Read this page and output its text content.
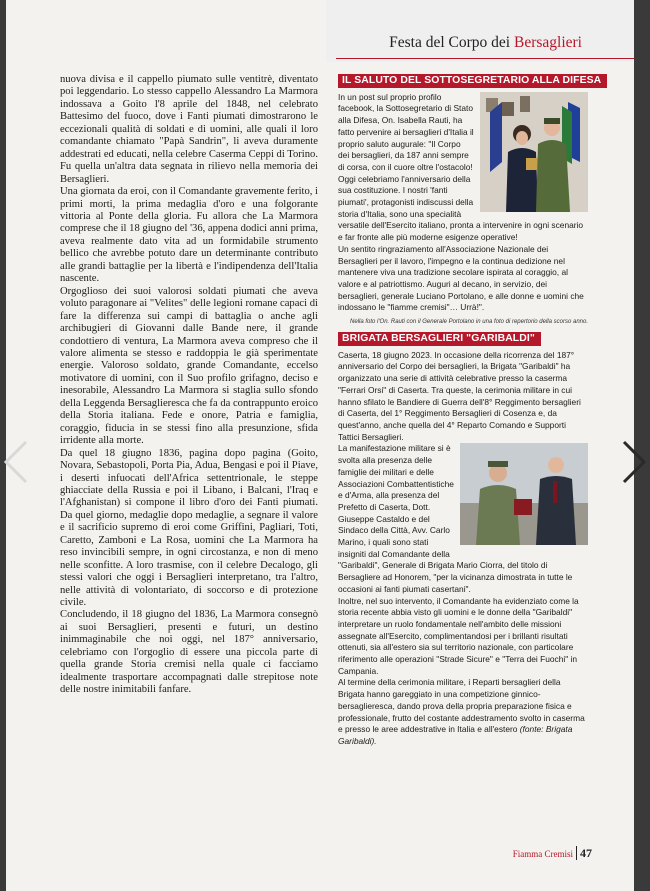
Festa del Corpo dei Bersaglieri

nuova divisa e il cappello piumato sulle ventitrè, diventato poi leggendario. Lo stesso cappello Alessandro La Marmora indossava a Goito l'8 aprile del 1848, nel celebrato Battesimo del fuoco, dove i Fanti piumati dimostrarono le eccezionali qualità di soldati e di uomini, alle quali il loro comandante chiamato "Papà Sandrin", li aveva duramente addestrati ed educati, nella celebre Caserma Ceppi di Torino. Fu quella un'altra data segnata in rilievo nella memoria dei Bersaglieri.

Una giornata da eroi, con il Comandante gravemente ferito, i primi morti, la prima medaglia d'oro e una folgorante vittoria al Ponte della gloria. Fu allora che La Marmora comprese che il 18 giugno del '36, appena dodici anni prima, aveva realmente dato vita ad un formidabile strumento bellico che avrebbe potuto dare un determinante contributo alle grandi battaglie per la libertà e l'indipendenza dell'Italia nascente.

Orgoglioso dei suoi valorosi soldati piumati che aveva voluto paragonare ai "Velites" delle legioni romane capaci di fare la differenza sui campi di battaglia o anche agli archibugieri di Giovanni dalle Bande nere, il grande condottiero di ventura, La Marmora aveva compreso che il valore alimenta se stesso e raddoppia le già sperimentate energie. Valoroso soldato, grande Comandante, eccelso motivatore di uomini, con il Suo profilo grifagno, deciso e inesorabile, Alessandro La Marmora si staglia sullo sfondo della Leggenda Bersaglieresca che fa da contrappunto eroico della Storia italiana. Fede e onore, Patria e famiglia, coraggio, fiducia in se stessi fino alla presunzione, sfida irridente alla morte.

Da quel 18 giugno 1836, pagina dopo pagina (Goito, Novara, Sebastopoli, Porta Pia, Adua, Bengasi e poi il Piave, i deserti infuocati dell'Africa settentrionale, le steppe ghiacciate della Russia e poi il Libano, i Balcani, l'Iraq e l'Afghanistan) si compone il libro d'oro dei Fanti piumati. Da quel giorno, medaglie dopo medaglie, a segnare il valore e il sacrificio supremo di eroi come Griffini, Pagliari, Toti, Caretto, Zamboni e La Rosa, uomini che La Marmora ha reso invincibili sempre, in ogni circostanza, e non di meno nelle sconfitte. A loro trasmise, con il celebre Decalogo, gli stessi valori che oggi i Bersaglieri interpretano, tra l'altro, nelle attività di volontariato, di soccorso e di protezione civile.

Concludendo, il 18 giugno del 1836, La Marmora consegnò ai suoi Bersaglieri, presenti e futuri, un destino inimmaginabile che noi oggi, nel 187° anniversario, celebriamo con l'orgoglio di essere una piccola parte di quella grande Storia cremisi nella quale ci facciamo idealmente trasportare accompagnati dalle strepitose note delle nostre inimitabili fanfare.

IL SALUTO DEL SOTTOSEGRETARIO ALLA DIFESA

In un post sul proprio profilo facebook, la Sottosegretario di Stato alla Difesa, On. Isabella Rauti, ha fatto pervenire ai bersaglieri d'Italia il proprio saluto augurale: "Il Corpo dei bersaglieri, da 187 anni sempre di corsa, con il cuore oltre l'ostacolo! Oggi celebriamo l'anniversario della sua costituzione. I nostri 'fanti piumati', protagonisti indiscussi della storia d'Italia, sono una specialità versatile dell'Esercito italiano, pronta a intervenire in ogni scenario e far fronte alle più moderne esigenze operative!

Un sentito ringraziamento all'Associazione Nazionale dei Bersaglieri per il lavoro, l'impegno e la continua dedizione nel mantenere viva una tradizione secolare ispirata al coraggio, al valore e al patriottismo. Auguri al decano, in servizio, dei bersaglieri, generale Luciano Portolano, e alle donne e uomini che indossano le "fiamme cremisi"… Urrà!".

Nella foto l'On. Rauti con il Generale Portolano in una foto di repertorio della scorso anno.

BRIGATA BERSAGLIERI "GARIBALDI"

Caserta, 18 giugno 2023. In occasione della ricorrenza del 187° anniversario del Corpo dei bersaglieri, la Brigata "Garibaldi" ha organizzato una serie di attività celebrative presso la caserma "Ferrari Orsi" di Caserta. Tra queste, la cerimonia militare in cui hanno sfilato le Bandiere di Guerra dell'8° Reggimento bersaglieri di Caserta, del 1° Reggimento Bersaglieri di Cosenza e, da quest'anno, anche quella del 4° Reparto Comando e Supporti Tattici Bersaglieri.

La manifestazione militare si è svolta alla presenza delle famiglie dei militari e delle Associazioni Combattentistiche e d'Arma, alla presenza del Prefetto di Caserta, Dott. Giuseppe Castaldo e del Sindaco della Città, Avv. Carlo Marino, i quali sono stati insigniti dal Comandante della "Garibaldi", Generale di Brigata Mario Ciorra, del titolo di Bersagliere ad Honorem, "per la vicinanza dimostrata in tutte le occasioni ai fanti piumati casertani".

Inoltre, nel suo intervento, il Comandante ha evidenziato come la storia recente abbia visto gli uomini e le donne della "Garibaldi" interpretare un ruolo fondamentale nell'ambito delle missioni assegnate all'Esercito, complimentandosi per i brillanti risultati ottenuti, sia all'estero sia sul territorio nazionale, con particolare riferimento alle operazioni "Strade Sicure" e "Terra dei Fuochi" in Campania.

Al termine della cerimonia militare, i Reparti bersaglieri della Brigata hanno gareggiato in una competizione ginnico-bersaglieresca, dando prova della propria preparazione fisica e professionale, frutto del costante addestramento svolto in caserma e presso le aree addestrative in Italia e all'estero (fonte: Brigata Garibaldi).

Fiamma Cremisi 47
